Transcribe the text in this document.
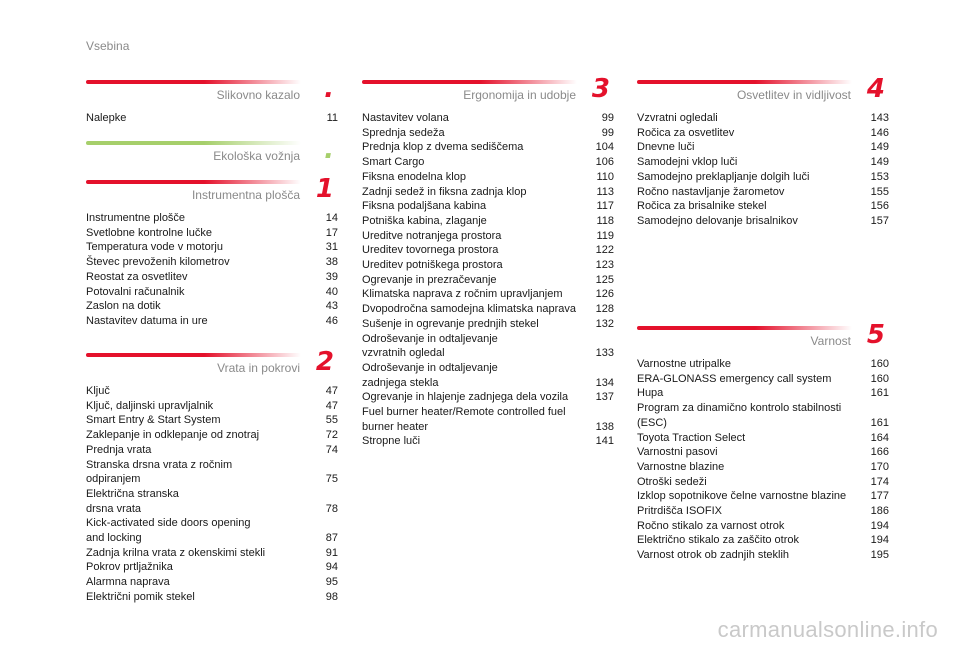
Vsebina
Slikovno kazalo .
Nalepke	11
Ekološka vožnja .
Instrumentna plošča 1
Instrumentne plošče	14
Svetlobne kontrolne lučke	17
Temperatura vode v motorju	31
Števec prevoženih kilometrov	38
Reostat za osvetlitev	39
Potovalni računalnik	40
Zaslon na dotik	43
Nastavitev datuma in ure	46
Vrata in pokrovi 2
Ključ	47
Ključ, daljinski upravljalnik	47
Smart Entry & Start System	55
Zaklepanje in odklepanje od znotraj	72
Prednja vrata	74
Stranska drsna vrata z ročnim
odpiranjem	75
Električna stranska
drsna vrata	78
Kick-activated side doors opening
and locking	87
Zadnja krilna vrata z okenskimi stekli	91
Pokrov prtljažnika	94
Alarmna naprava	95
Električni pomik stekel	98
Ergonomija in udobje 3
Nastavitev volana	99
Sprednja sedeža	99
Prednja klop z dvema sediščema	104
Smart Cargo	106
Fiksna enodelna klop	110
Zadnji sedež in fiksna zadnja klop	113
Fiksna podaljšana kabina	117
Potniška kabina, zlaganje	118
Ureditve notranjega prostora	119
Ureditev tovornega prostora	122
Ureditev potniškega prostora	123
Ogrevanje in prezračevanje	125
Klimatska naprava z ročnim upravljanjem	126
Dvopodročna samodejna klimatska naprava	128
Sušenje in ogrevanje prednjih stekel	132
Odroševanje in odtaljevanje
vzvratnih ogledal	133
Odroševanje in odtaljevanje
zadnjega stekla	134
Ogrevanje in hlajenje zadnjega dela vozila	137
Fuel burner heater/Remote controlled fuel
burner heater	138
Stropne luči	141
Osvetlitev in vidljivost 4
Vzvratni ogledali	143
Ročica za osvetlitev	146
Dnevne luči	149
Samodejni vklop luči	149
Samodejno preklapljanje dolgih luči	153
Ročno nastavljanje žarometov	155
Ročica za brisalnike stekel	156
Samodejno delovanje brisalnikov	157
Varnost 5
Varnostne utripalke	160
ERA-GLONASS emergency call system	160
Hupa	161
Program za dinamično kontrolo stabilnosti
(ESC)	161
Toyota Traction Select	164
Varnostni pasovi	166
Varnostne blazine	170
Otroški sedeži	174
Izklop sopotnikove čelne varnostne blazine	177
Pritrdišča ISOFIX	186
Ročno stikalo za varnost otrok	194
Električno stikalo za zaščito otrok	194
Varnost otrok ob zadnjih steklih	195
carmanualsonline.info
